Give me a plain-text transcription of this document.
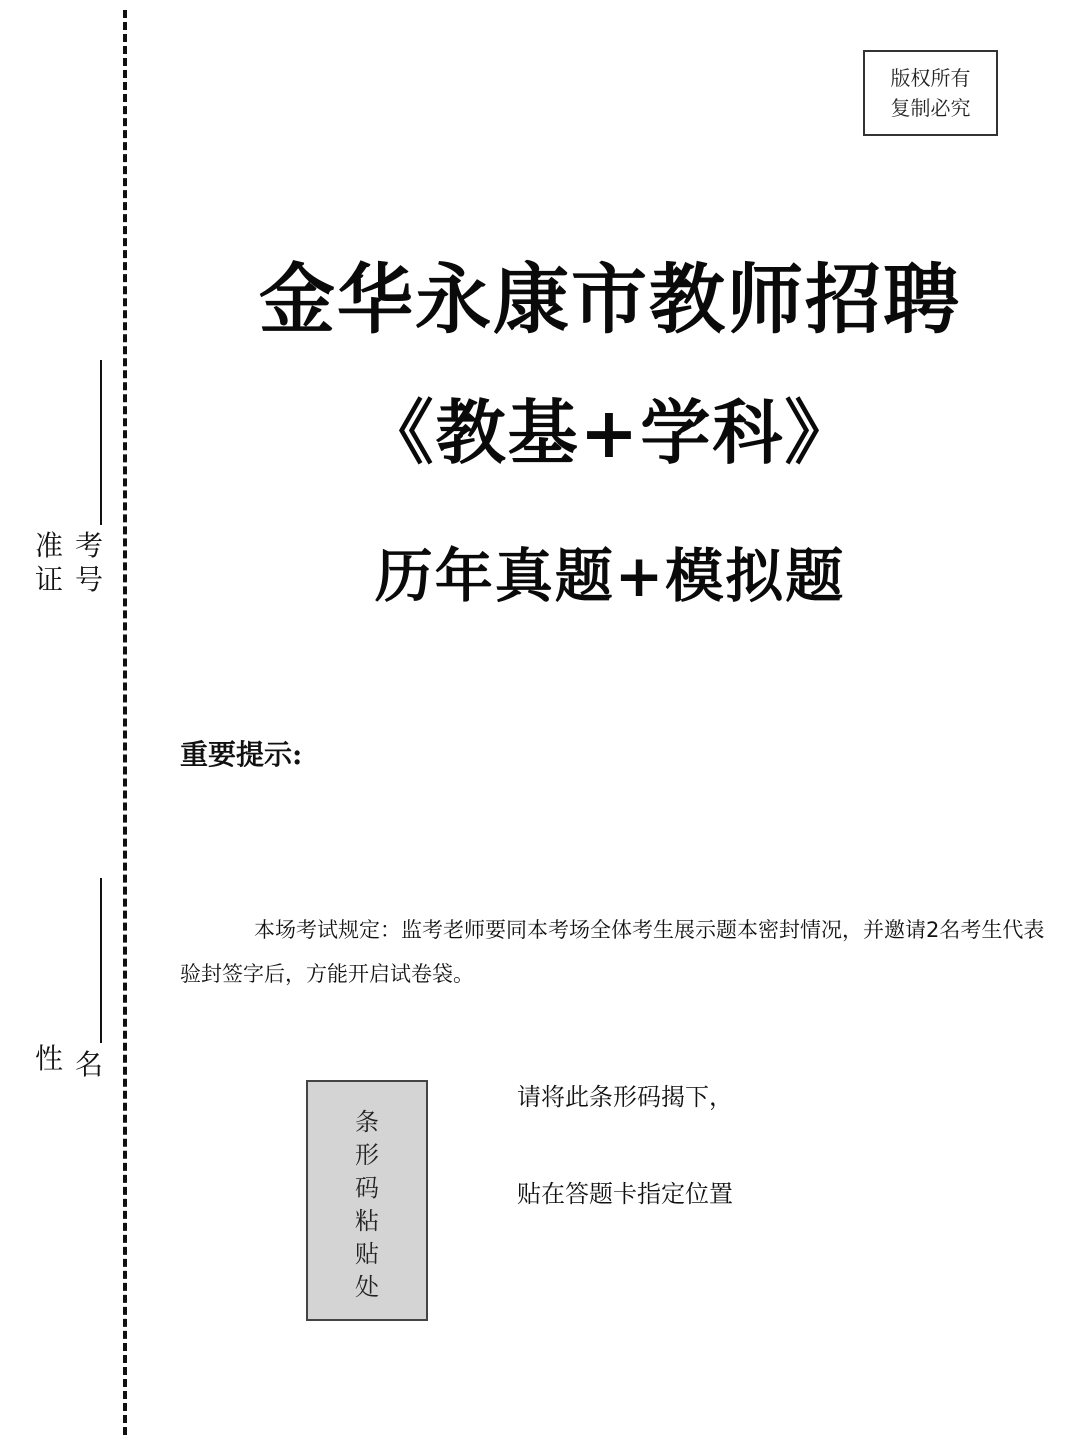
准
证
考
号
性 名
版权所有
复制必究
金华永康市教师招聘
《教基+学科》
历年真题+模拟题
重要提示:
本场考试规定：监考老师要同本考场全体考生展示题本密封情况，并邀请2名考生代表验封签字后，方能开启试卷袋。
条
形
码
粘
贴
处
请将此条形码揭下，
贴在答题卡指定位置
